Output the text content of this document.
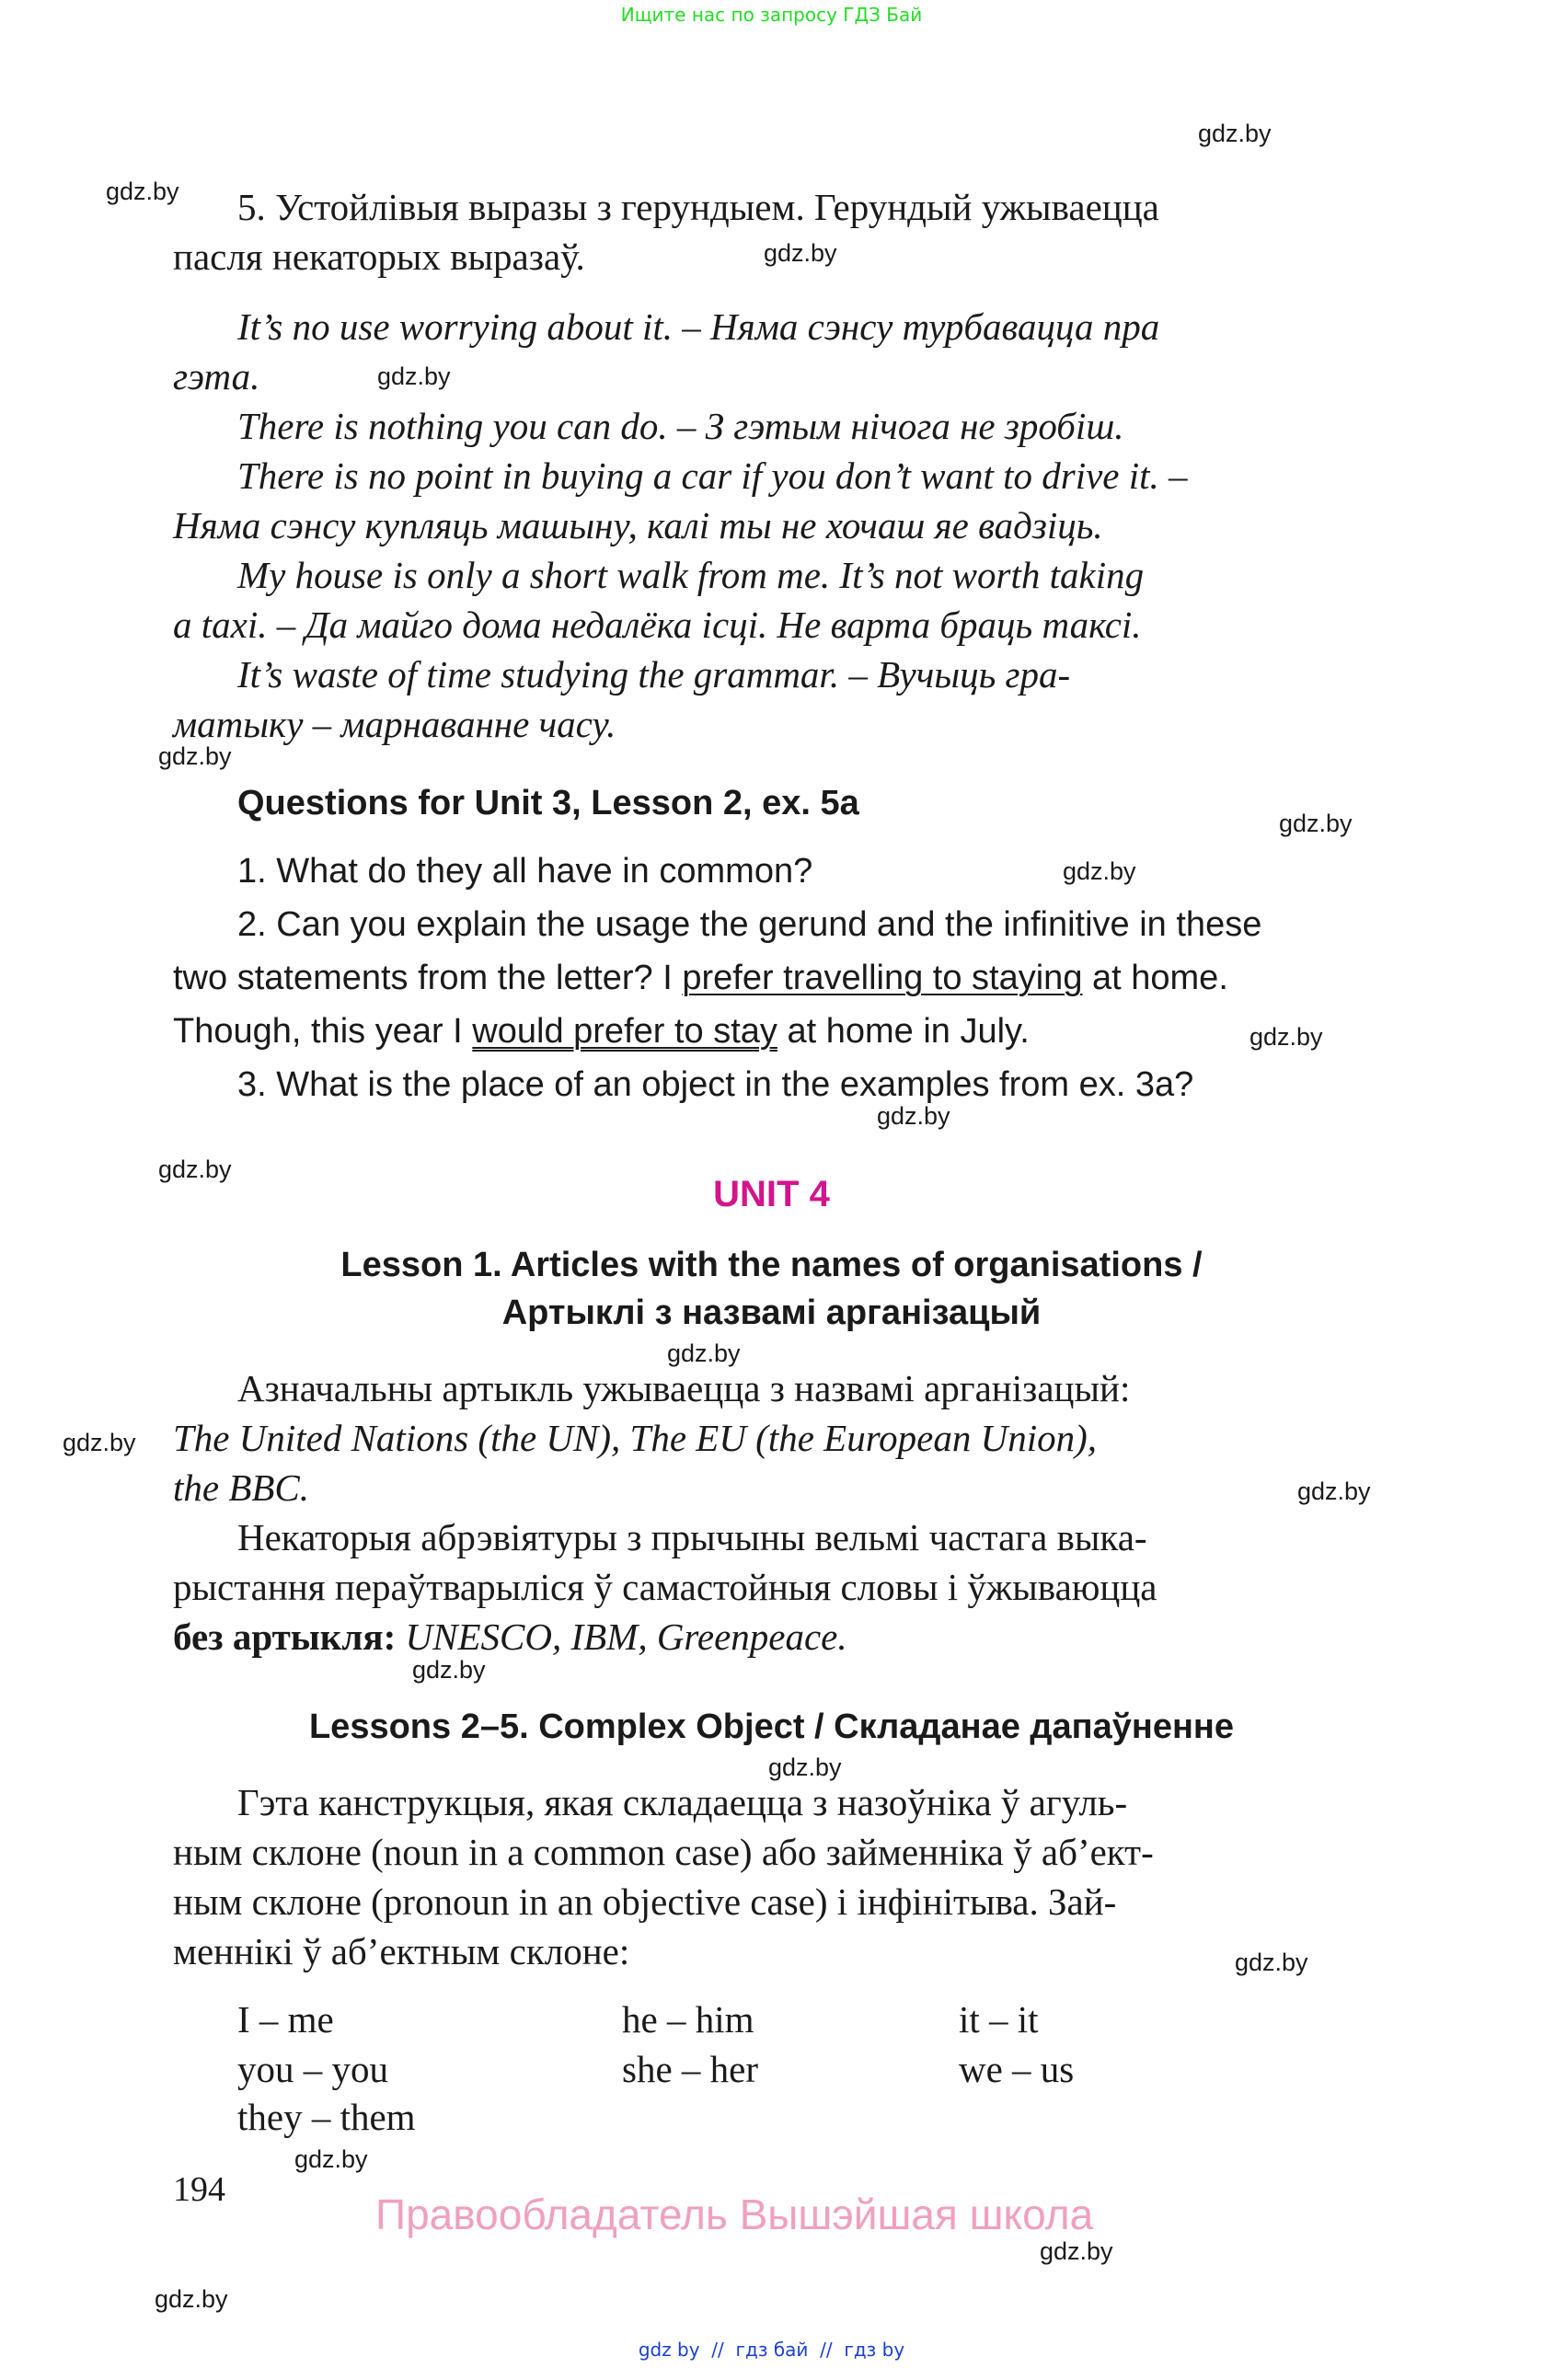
Ищите нас по запросу ГДЗ Бай
gdz.by
gdz.by
gdz.by
gdz.by
gdz.by
gdz.by
gdz.by
gdz.by
gdz.by
gdz.by
gdz.by
gdz.by
gdz.by
gdz.by
gdz.by
gdz.by
gdz.by
gdz.by
gdz.by
5. Устойлівыя выразы з герундыем. Герундый ужываецца
пасля некаторых выразаў.
It’s no use worrying about it. – Няма сэнсу турбавацца пра
гэта.
There is nothing you can do. – З гэтым нічога не зробіш.
There is no point in buying a car if you don’t want to drive it. –
Няма сэнсу купляць машыну, калі ты не хочаш яе вадзіць.
My house is only a short walk from me. It’s not worth taking
a taxi. – Да майго дома недалёка ісці. Не варта браць таксі.
It’s waste of time studying the grammar. – Вучыць гра-
матыку – марнаванне часу.
Questions for Unit 3, Lesson 2, ex. 5a
1. What do they all have in common?
2. Can you explain the usage the gerund and the infinitive in these
two statements from the letter? I prefer travelling to staying at home.
Though, this year I would prefer to stay at home in July.
3. What is the place of an object in the examples from ex. 3a?
UNIT 4
Lesson 1. Articles with the names of organisations /
Артыклі з назвамі арганізацый
Азначальны артыкль ужываецца з назвамі арганізацый:
The United Nations (the UN), The EU (the European Union),
the BBC.
Некаторыя абрэвіятуры з прычыны вельмі частага выка-
рыстання пераўтварыліся ў самастойныя словы і ўжываюцца
без артыкля: UNESCO, IBM, Greenpeace.
Lessons 2–5. Complex Object / Складанае дапаўненне
Гэта канструкцыя, якая складаецца з назоўніка ў агуль-
ным склоне (noun in a common case) або займенніка ў аб’ект-
ным склоне (pronoun in an objective case) і інфінітыва. Зай-
меннікі ў аб’ектным склоне:
I – me	he – him	it – it
you – you	she – her	we – us
they – them
194
Правообладатель Вышэйшая школа
gdz by  //  гдз бай  //  гдз by
